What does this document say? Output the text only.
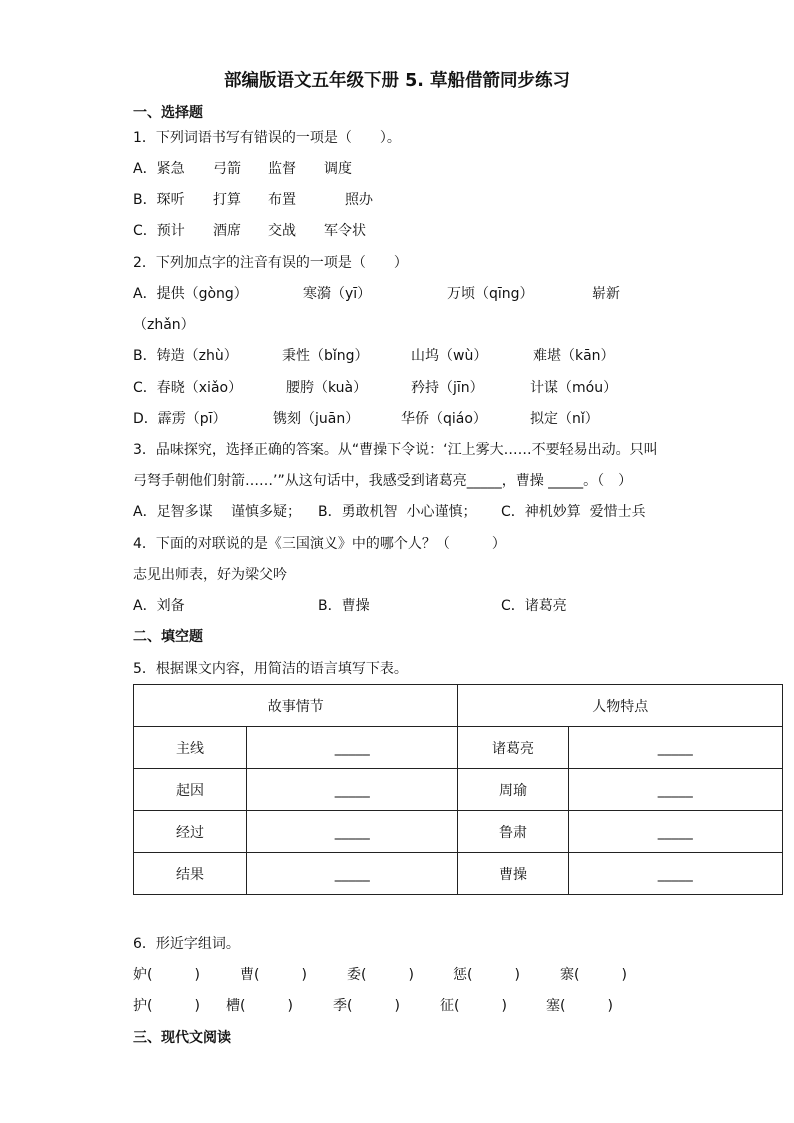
部编版语文五年级下册 5. 草船借箭同步练习
一、选择题
1．下列词语书写有错误的一项是（　　）。
A．紧急 弓箭 监督 调度
B．琛听 打算 布置	照办
C．预计 酒席 交战 军令状
2．下列加点字的注音有误的一项是（　　）
A．提供（gòng）	寒漪（yī）	万顷（qīng）	崭新
（zhǎn）
B．铸造（zhù）	秉性（bǐng）	山坞（wù）	难堪（kān）
C．春晓（xiǎo）	腰胯（kuà）	矜持（jīn）	计谋（móu）
D．霹雳（pī）	镌刻（juān）	华侨（qiáo）	拟定（nǐ）
3．品味探究，选择正确的答案。从“曹操下令说：‘江上雾大……不要轻易出动。只叫
弓弩手朝他们射箭……’”从这句话中，我感受到诸葛亮_____，曹操 _____。（　）
A．足智多谋　 谨慎多疑； B．勇敢机智  小心谨慎； C．神机妙算  爱惜士兵
4．下面的对联说的是《三国演义》中的哪个人？（　　　）
志见出师表，好为梁父吟
A．刘备	B．曹操	C．诸葛亮
二、填空题
5．根据课文内容，用简洁的语言填写下表。
故事情节		人物特点	
主线	_____	诸葛亮	_____
起因	_____	周瑜	_____
经过	_____	鲁肃	_____
结果	_____	曹操	_____
6．形近字组词。
妒(　　　)	曹(　　　)	委(　　　)	惩(　　　)	寨(　　　)
护(　　　) 槽(　　　)	季(　　　)	征(　　　)	塞(　　　)
三、现代文阅读
